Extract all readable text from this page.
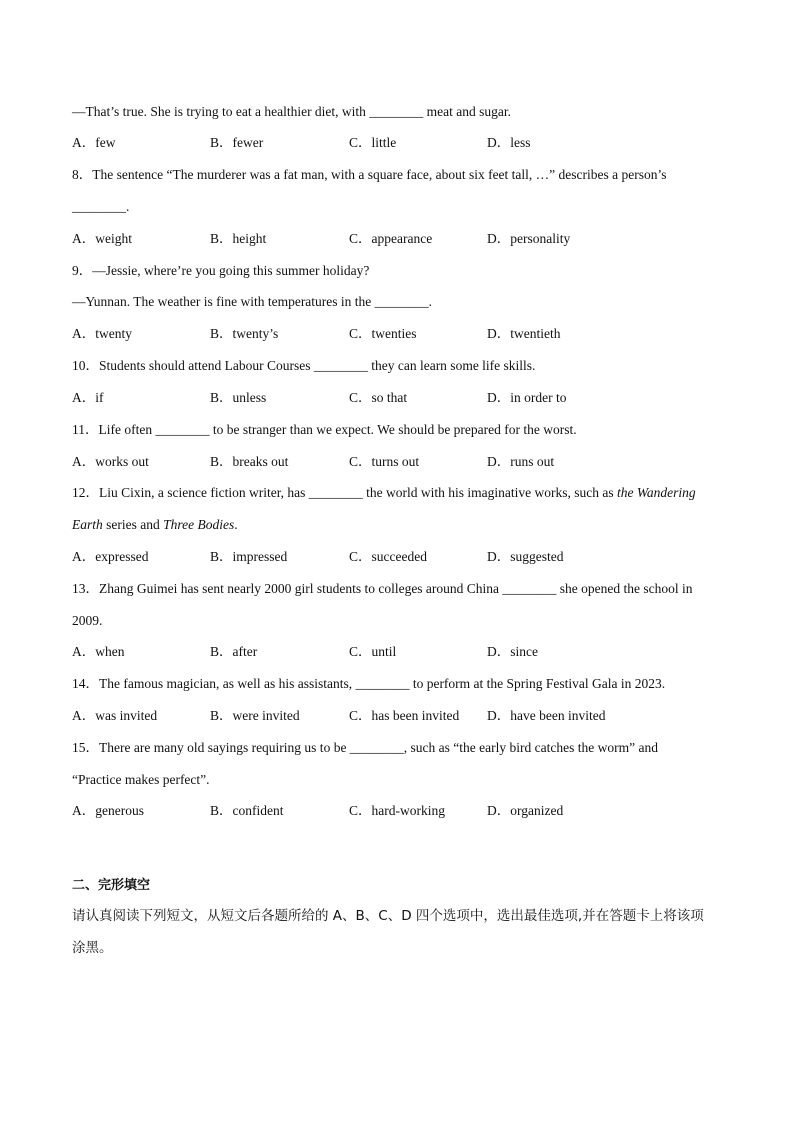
—That’s true. She is trying to eat a healthier diet, with ________ meat and sugar.
A．few	B．fewer	C．little	D．less
8．The sentence “The murderer was a fat man, with a square face, about six feet tall, …” describes a person’s
________.
A．weight	B．height	C．appearance	D．personality
9．—Jessie, where’re you going this summer holiday?
—Yunnan. The weather is fine with temperatures in the ________.
A．twenty	B．twenty’s	C．twenties	D．twentieth
10．Students should attend Labour Courses ________ they can learn some life skills.
A．if	B．unless	C．so that	D．in order to
11．Life often ________ to be stranger than we expect. We should be prepared for the worst.
A．works out	B．breaks out	C．turns out	D．runs out
12．Liu Cixin, a science fiction writer, has ________ the world with his imaginative works, such as the Wandering
Earth series and Three Bodies.
A．expressed	B．impressed	C．succeeded	D．suggested
13．Zhang Guimei has sent nearly 2000 girl students to colleges around China ________ she opened the school in
2009.
A．when	B．after	C．until	D．since
14．The famous magician, as well as his assistants, ________ to perform at the Spring Festival Gala in 2023.
A．was invited	B．were invited	C．has been invited D．have been invited
15．There are many old sayings requiring us to be ________, such as “the early bird catches the worm” and
“Practice makes perfect”.
A．generous	B．confident	C．hard-working	D．organized
二、完形填空
请认真阅读下列短文，从短文后各题所给的 A、B、C、D 四个选项中，选出最佳选项,并在答题卡上将该项
涂黑。
